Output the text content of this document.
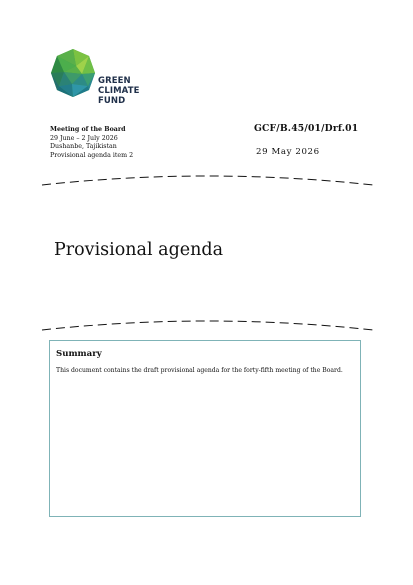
GREEN
CLIMATE
FUND
Meeting of the Board
29 June – 2 July 2026
Dushanbe, Tajikistan
Provisional agenda item 2
GCF/B.45/01/Drf.01
29 May 2026
Provisional agenda
Summary
This document contains the draft provisional agenda for the forty-fifth meeting of the Board.
